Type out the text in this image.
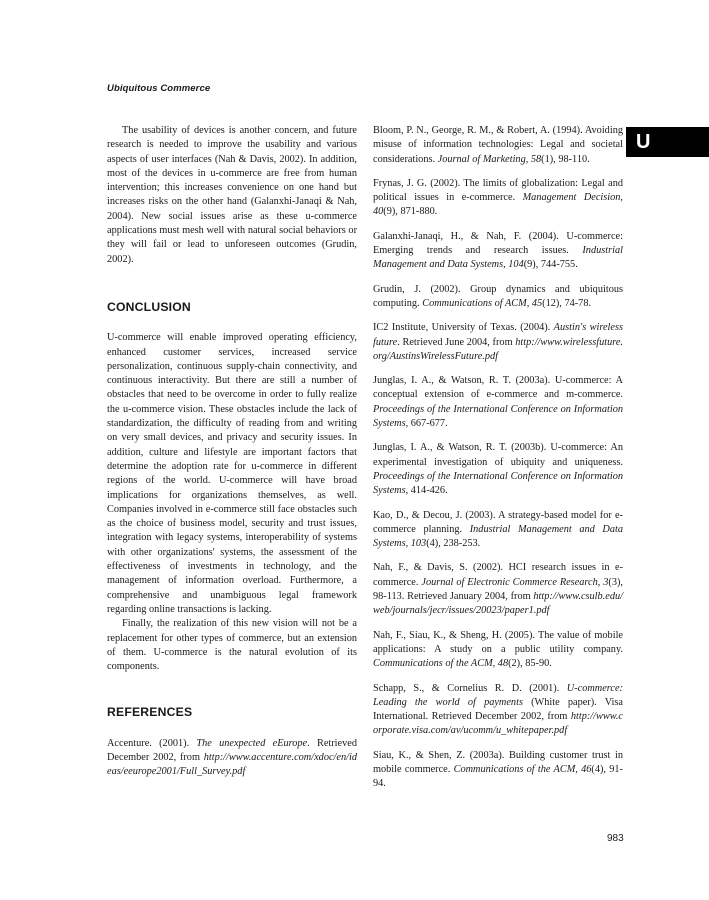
Ubiquitous Commerce
U

The usability of devices is another concern, and future research is needed to improve the usability and various aspects of user interfaces (Nah & Davis, 2002). In addition, most of the devices in u-commerce are free from human intervention; this increases convenience on one hand but increases risks on the other hand (Galanxhi-Janaqi & Nah, 2004). New social issues arise as these u-commerce applications must mesh well with natural social behaviors or they will fail or lead to unforeseen outcomes (Grudin, 2002).

CONCLUSION

U-commerce will enable improved operating efficiency, enhanced customer services, increased service personalization, continuous supply-chain connectivity, and continuous interactivity. But there are still a number of obstacles that need to be overcome in order to fully realize the u-commerce vision. These obstacles include the lack of standardization, the difficulty of reading from and writing on very small devices, and privacy and security issues. In addition, culture and lifestyle are important factors that determine the adoption rate for u-commerce in different regions of the world. U-commerce will have broad implications for organizations themselves, as well. Companies involved in e-commerce still face obstacles such as the choice of business model, security and trust issues, integration with legacy systems, interoperability of systems with other organizations' systems, the assessment of the effectiveness of investments in technology, and the management of information overload. Furthermore, a comprehensive and unambiguous legal framework regarding online transactions is lacking.

Finally, the realization of this new vision will not be a replacement for other types of commerce, but an extension of them. U-commerce is the natural evolution of its components.

REFERENCES
Accenture. (2001). The unexpected eEurope. Retrieved December 2002, from http://www.accenture.com/xdoc/en/ideas/eeurope2001/Full_Survey.pdf
Bloom, P. N., George, R. M., & Robert, A. (1994). Avoiding misuse of information technologies: Legal and societal considerations. Journal of Marketing, 58(1), 98-110.
Frynas, J. G. (2002). The limits of globalization: Legal and political issues in e-commerce. Management Decision, 40(9), 871-880.
Galanxhi-Janaqi, H., & Nah, F. (2004). U-commerce: Emerging trends and research issues. Industrial Management and Data Systems, 104(9), 744-755.
Grudin, J. (2002). Group dynamics and ubiquitous computing. Communications of ACM, 45(12), 74-78.
IC2 Institute, University of Texas. (2004). Austin's wireless future. Retrieved June 2004, from http://www.wirelessfuture.org/AustinsWirelessFuture.pdf
Junglas, I. A., & Watson, R. T. (2003a). U-commerce: A conceptual extension of e-commerce and m-commerce. Proceedings of the International Conference on Information Systems, 667-677.
Junglas, I. A., & Watson, R. T. (2003b). U-commerce: An experimental investigation of ubiquity and uniqueness. Proceedings of the International Conference on Information Systems, 414-426.
Kao, D., & Decou, J. (2003). A strategy-based model for e-commerce planning. Industrial Management and Data Systems, 103(4), 238-253.
Nah, F., & Davis, S. (2002). HCI research issues in e-commerce. Journal of Electronic Commerce Research, 3(3), 98-113. Retrieved January 2004, from http://www.csulb.edu/web/journals/jecr/issues/20023/paper1.pdf
Nah, F., Siau, K., & Sheng, H. (2005). The value of mobile applications: A study on a public utility company. Communications of the ACM, 48(2), 85-90.
Schapp, S., & Cornelius R. D. (2001). U-commerce: Leading the world of payments (White paper). Visa International. Retrieved December 2002, from http://www.corporate.visa.com/av/ucomm/u_whitepaper.pdf
Siau, K., & Shen, Z. (2003a). Building customer trust in mobile commerce. Communications of the ACM, 46(4), 91-94.
983
